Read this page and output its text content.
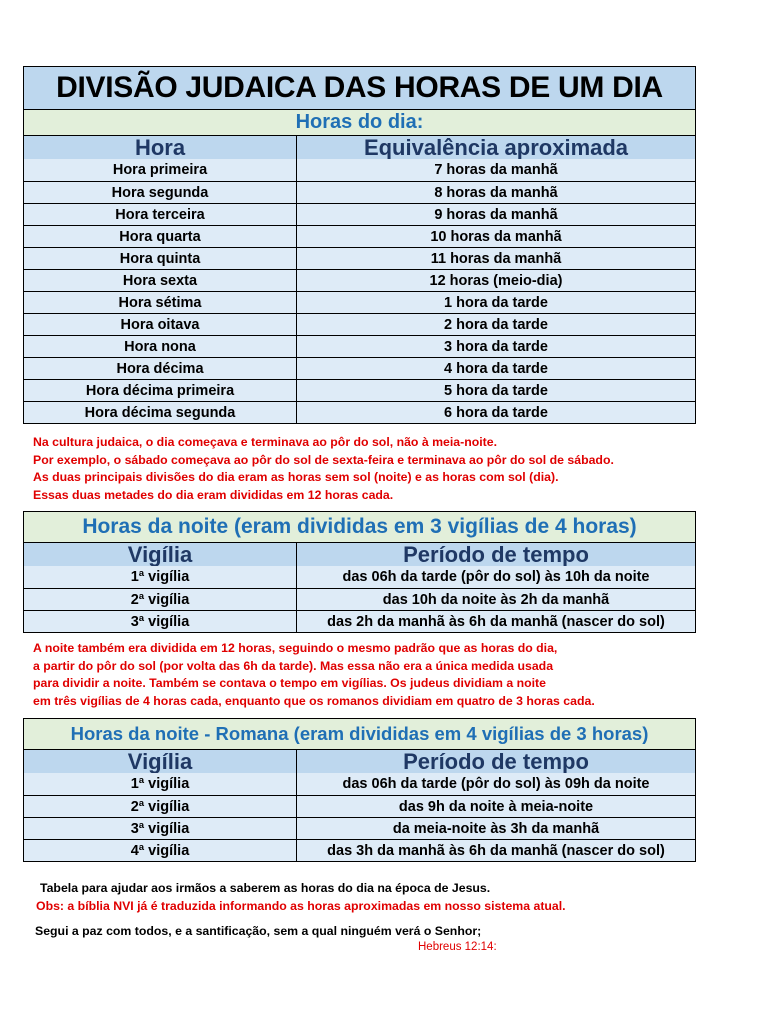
DIVISÃO JUDAICA DAS HORAS DE UM DIA
Horas do dia:
Hora	Equivalência aproximada
Hora primeira	7 horas da manhã
Hora segunda	8 horas da manhã
Hora terceira	9 horas da manhã
Hora quarta	10 horas da manhã
Hora quinta	11 horas da manhã
Hora sexta	12 horas (meio-dia)
Hora sétima	1 hora da tarde
Hora oitava	2 hora da tarde
Hora nona	3 hora da tarde
Hora décima	4 hora da tarde
Hora décima primeira	5 hora da tarde
Hora décima segunda	6 hora da tarde
Na cultura judaica, o dia começava e terminava ao pôr do sol, não à meia-noite.
Por exemplo, o sábado começava ao pôr do sol de sexta-feira e terminava ao pôr do sol de sábado.
As duas principais divisões do dia eram as horas sem sol (noite) e as horas com sol (dia).
Essas duas metades do dia eram divididas em 12 horas cada.
Horas da noite (eram divididas em 3 vigílias de 4 horas)
Vigília	Período de tempo
1ª vigília	das 06h da tarde (pôr do sol) às 10h da noite
2ª vigília	das 10h da noite às 2h da manhã
3ª vigília	das 2h da manhã às 6h da manhã (nascer do sol)
A noite também era dividida em 12 horas, seguindo o mesmo padrão que as horas do dia,
a partir do pôr do sol (por volta das 6h da tarde). Mas essa não era a única medida usada
para dividir a noite. Também se contava o tempo em vigílias. Os judeus dividiam a noite
em três vigílias de 4 horas cada, enquanto que os romanos dividiam em quatro de 3 horas cada.
Horas da noite - Romana (eram divididas em 4 vigílias de 3 horas)
Vigília	Período de tempo
1ª vigília	das 06h da tarde (pôr do sol) às 09h da noite
2ª vigília	das 9h da noite à meia-noite
3ª vigília	da meia-noite às 3h da manhã
4ª vigília	das 3h da manhã às 6h da manhã (nascer do sol)
Tabela para ajudar aos irmãos a saberem as horas do dia na época de Jesus.
Obs: a bíblia NVI já é traduzida informando as horas aproximadas em nosso sistema atual.
Segui a paz com todos, e a santificação, sem a qual ninguém verá o Senhor;
Hebreus 12:14:
